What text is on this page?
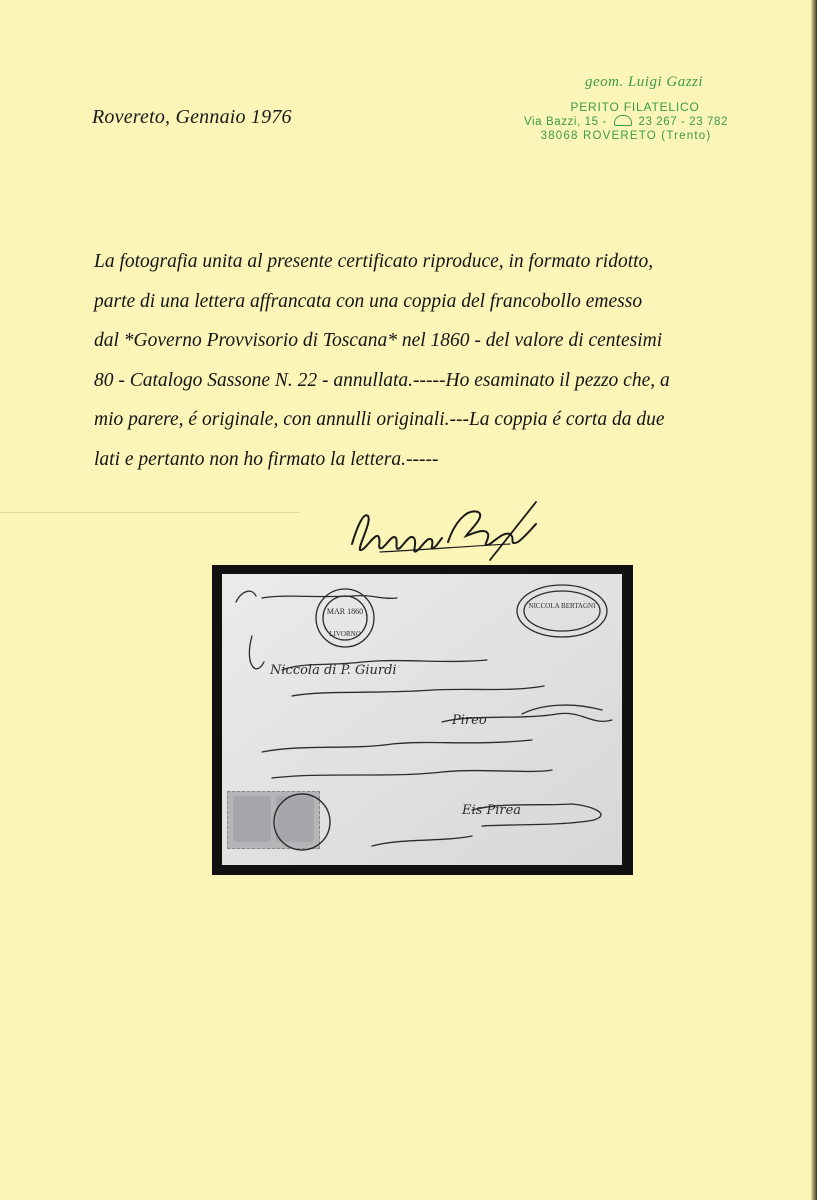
Rovereto, Gennaio 1976
geom. Luigi Gazzi
PERITO FILATELICO
Via Bazzi, 15 -	23 267 - 23 782
38068 ROVERETO (Trento)
La fotografia unita al presente certificato riproduce, in formato ridotto,
parte di una lettera affrancata con una coppia del francobollo emesso
dal *Governo Provvisorio di Toscana* nel 1860 - del valore di centesimi
80 - Catalogo Sassone N. 22 - annullata.-----Ho esaminato il pezzo che, a
mio parere, é originale, con annulli originali.---La coppia é corta da due
lati e pertanto non ho firmato la lettera.-----
MAR 1860
LIVORNO
NICCOLA BERTAGNI
Niccola di P. Giurdi
Pireo
Eis Pirea
